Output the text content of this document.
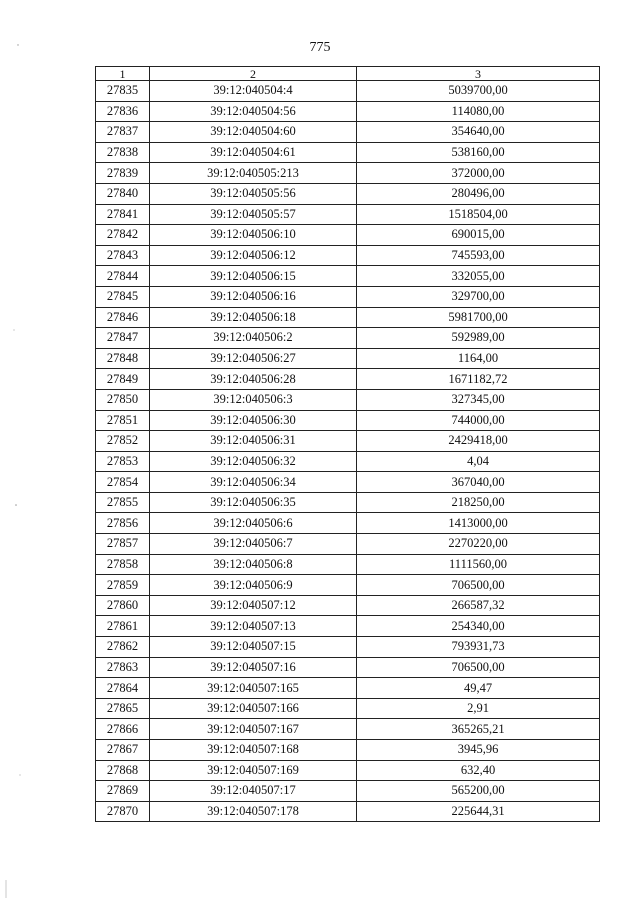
775
1	2	3
27835	39:12:040504:4	5039700,00
27836	39:12:040504:56	114080,00
27837	39:12:040504:60	354640,00
27838	39:12:040504:61	538160,00
27839	39:12:040505:213	372000,00
27840	39:12:040505:56	280496,00
27841	39:12:040505:57	1518504,00
27842	39:12:040506:10	690015,00
27843	39:12:040506:12	745593,00
27844	39:12:040506:15	332055,00
27845	39:12:040506:16	329700,00
27846	39:12:040506:18	5981700,00
27847	39:12:040506:2	592989,00
27848	39:12:040506:27	1164,00
27849	39:12:040506:28	1671182,72
27850	39:12:040506:3	327345,00
27851	39:12:040506:30	744000,00
27852	39:12:040506:31	2429418,00
27853	39:12:040506:32	4,04
27854	39:12:040506:34	367040,00
27855	39:12:040506:35	218250,00
27856	39:12:040506:6	1413000,00
27857	39:12:040506:7	2270220,00
27858	39:12:040506:8	1111560,00
27859	39:12:040506:9	706500,00
27860	39:12:040507:12	266587,32
27861	39:12:040507:13	254340,00
27862	39:12:040507:15	793931,73
27863	39:12:040507:16	706500,00
27864	39:12:040507:165	49,47
27865	39:12:040507:166	2,91
27866	39:12:040507:167	365265,21
27867	39:12:040507:168	3945,96
27868	39:12:040507:169	632,40
27869	39:12:040507:17	565200,00
27870	39:12:040507:178	225644,31
